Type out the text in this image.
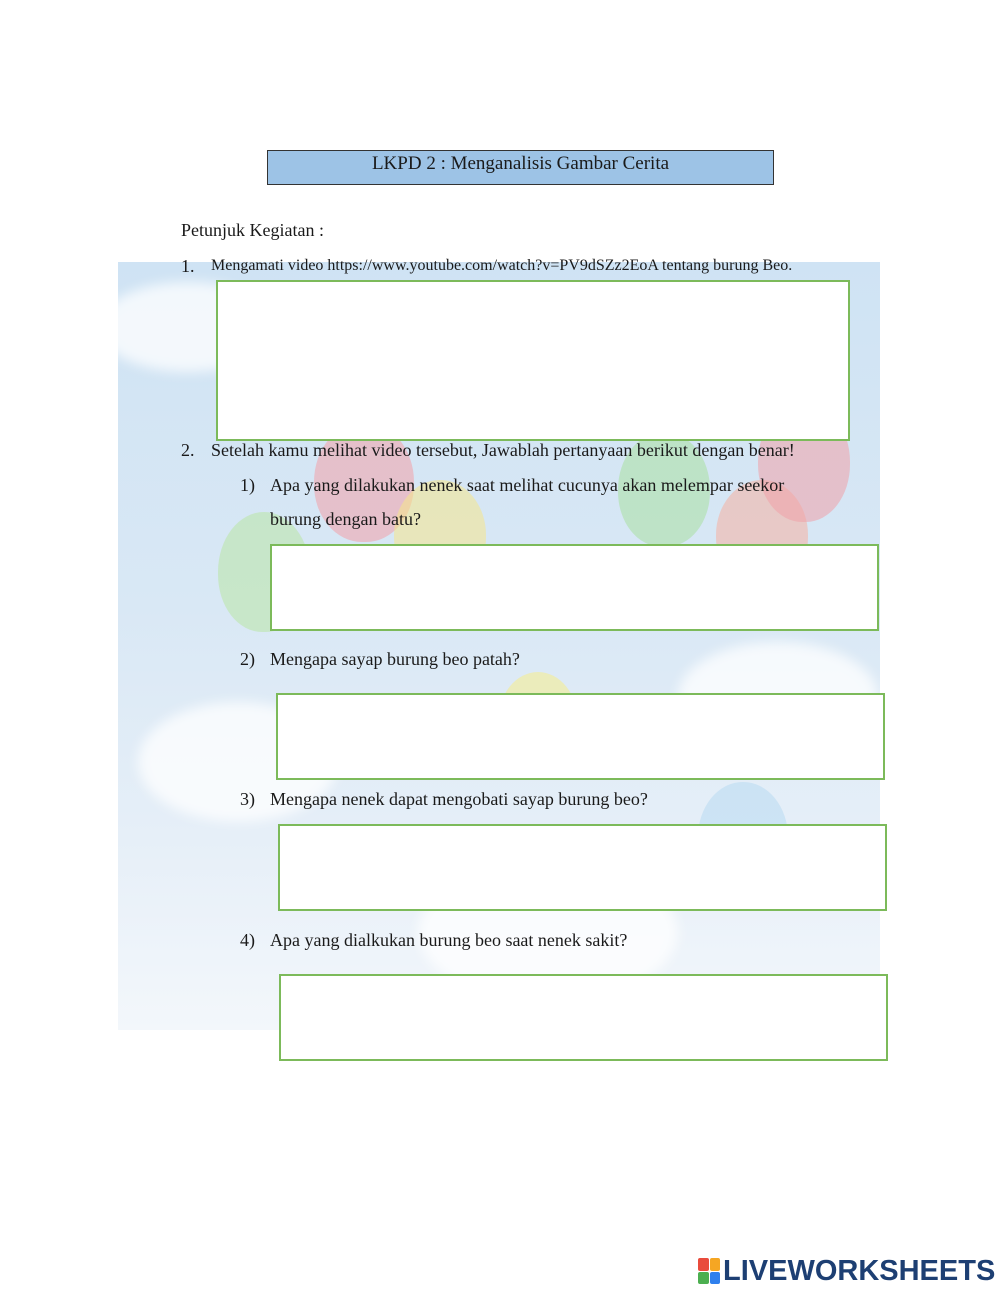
LKPD 2 : Menganalisis Gambar Cerita
Petunjuk Kegiatan :
1. Mengamati video https://www.youtube.com/watch?v=PV9dSZz2EoA tentang burung Beo.
2. Setelah kamu melihat video tersebut, Jawablah pertanyaan berikut dengan benar!
1) Apa yang dilakukan nenek saat melihat cucunya akan melempar seekor
burung dengan batu?
2) Mengapa sayap burung beo patah?
3) Mengapa nenek dapat mengobati sayap burung beo?
4) Apa yang dialkukan burung beo saat nenek sakit?
LIVEWORKSHEETS
